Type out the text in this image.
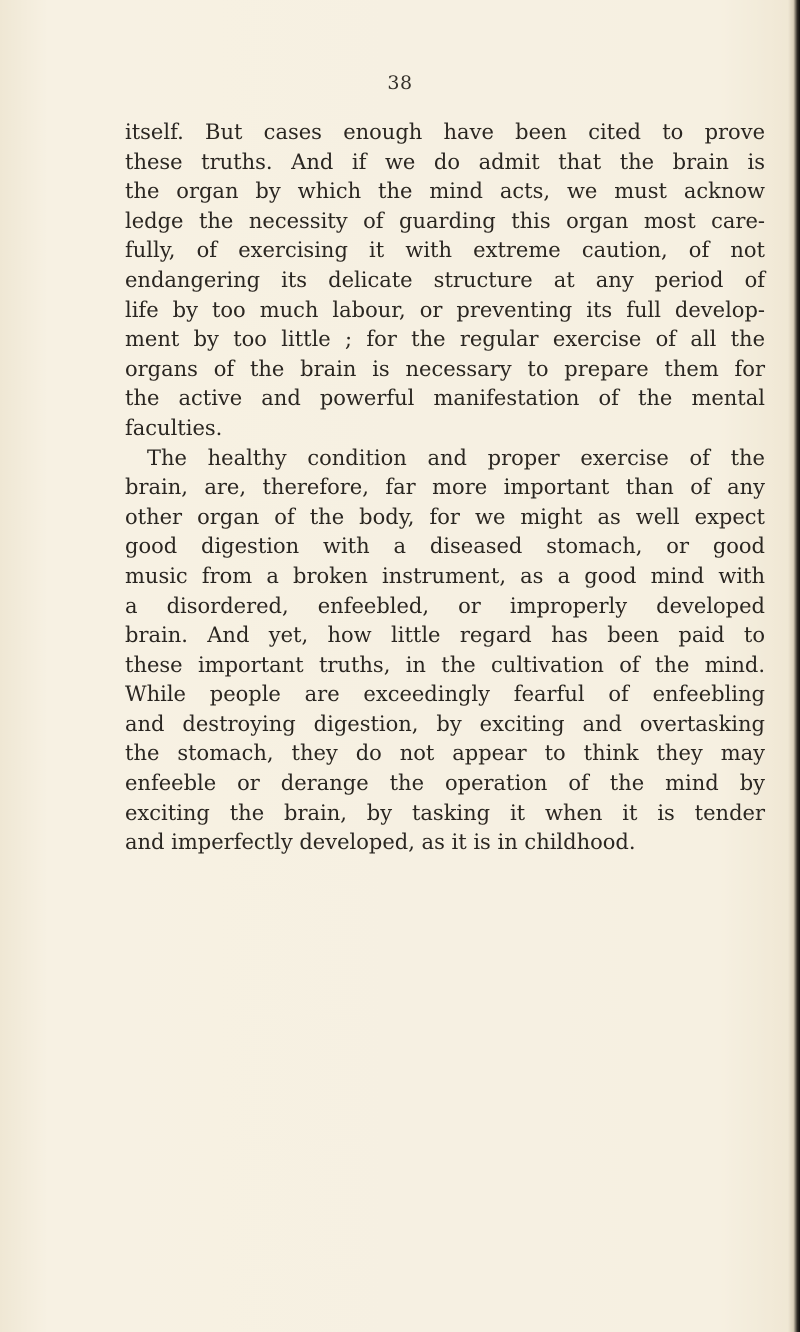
38
itself. But cases enough have been cited to prove
these truths. And if we do admit that the brain is
the organ by which the mind acts, we must acknow
ledge the necessity of guarding this organ most care-
fully, of exercising it with extreme caution, of not
endangering its delicate structure at any period of
life by too much labour, or preventing its full develop-
ment by too little ; for the regular exercise of all the
organs of the brain is necessary to prepare them for
the active and powerful manifestation of the mental
faculties.
The healthy condition and proper exercise of the
brain, are, therefore, far more important than of any
other organ of the body, for we might as well expect
good digestion with a diseased stomach, or good
music from a broken instrument, as a good mind with
a disordered, enfeebled, or improperly developed
brain. And yet, how little regard has been paid to
these important truths, in the cultivation of the mind.
While people are exceedingly fearful of enfeebling
and destroying digestion, by exciting and overtasking
the stomach, they do not appear to think they may
enfeeble or derange the operation of the mind by
exciting the brain, by tasking it when it is tender
and imperfectly developed, as it is in childhood.
